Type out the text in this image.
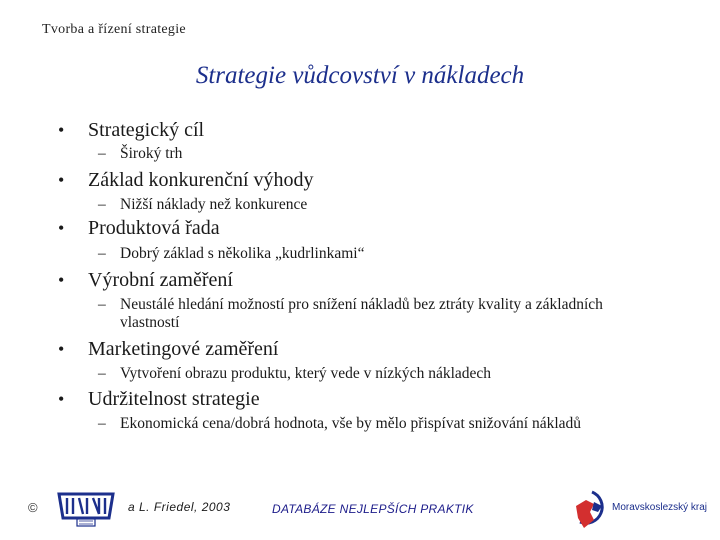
Tvorba a řízení strategie
Strategie vůdcovství v nákladech
• Strategický cíl
– Široký trh
• Základ konkurenční výhody
– Nižší náklady než konkurence
• Produktová řada
– Dobrý základ s několika „kudrlinkami“
• Výrobní zaměření
– Neustálé hledání možností pro snížení nákladů bez ztráty kvality a základních vlastností
• Marketingové zaměření
– Vytvoření obrazu produktu, který vede v nízkých nákladech
• Udržitelnost strategie
– Ekonomická cena/dobrá hodnota, vše by mělo přispívat snižování nákladů
©	a L. Friedel, 2003	DATABÁZE NEJLEPŠÍCH PRAKTIK	Moravskoslezský kraj
